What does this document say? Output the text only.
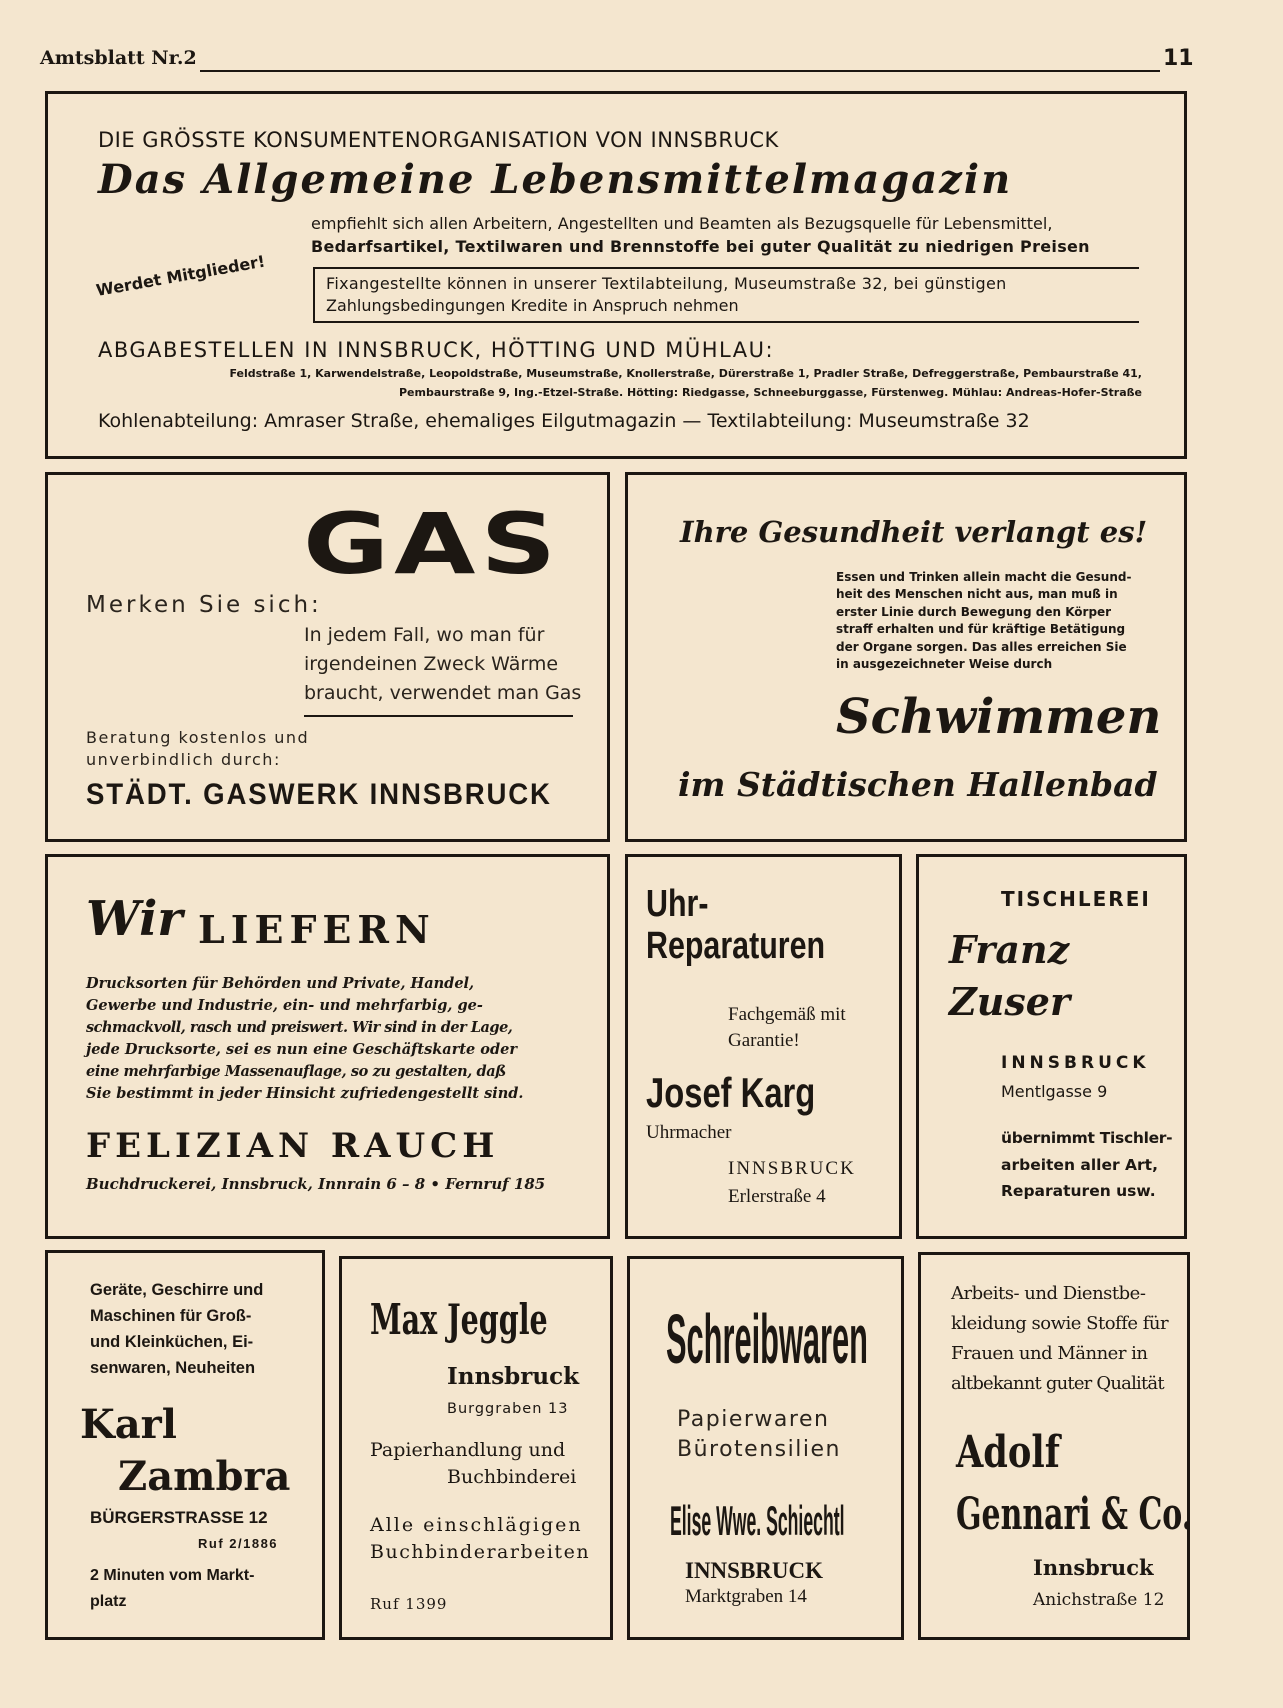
Amtsblatt Nr.2	11
DIE GRÖSSTE KONSUMENTENORGANISATION VON INNSBRUCK
Das Allgemeine Lebensmittelmagazin
empfiehlt sich allen Arbeitern, Angestellten und Beamten als Bezugsquelle für Lebensmittel,
Bedarfsartikel, Textilwaren und Brennstoffe bei guter Qualität zu niedrigen Preisen
Werdet Mitglieder!	Fixangestellte können in unserer Textilabteilung, Museumstraße 32, bei günstigen
Zahlungsbedingungen Kredite in Anspruch nehmen
ABGABESTELLEN IN INNSBRUCK, HÖTTING UND MÜHLAU:
Feldstraße 1, Karwendelstraße, Leopoldstraße, Museumstraße, Knollerstraße, Dürerstraße 1, Pradler Straße, Defreggerstraße, Pembaurstraße 41,
Pembaurstraße 9, Ing.-Etzel-Straße. Hötting: Riedgasse, Schneeburggasse, Fürstenweg. Mühlau: Andreas-Hofer-Straße
Kohlenabteilung: Amraser Straße, ehemaliges Eilgutmagazin — Textilabteilung: Museumstraße 32
GAS
Merken Sie sich:
In jedem Fall, wo man für
irgendeinen Zweck Wärme
braucht, verwendet man Gas
Beratung kostenlos und
unverbindlich durch:
STÄDT. GASWERK INNSBRUCK
Ihre Gesundheit verlangt es!
Essen und Trinken allein macht die Gesund-
heit des Menschen nicht aus, man muß in
erster Linie durch Bewegung den Körper
straff erhalten und für kräftige Betätigung
der Organe sorgen. Das alles erreichen Sie
in ausgezeichneter Weise durch
Schwimmen
im Städtischen Hallenbad
Wir LIEFERN
Drucksorten für Behörden und Private, Handel,
Gewerbe und Industrie, ein- und mehrfarbig, ge-
schmackvoll, rasch und preiswert. Wir sind in der Lage,
jede Drucksorte, sei es nun eine Geschäftskarte oder
eine mehrfarbige Massenauflage, so zu gestalten, daß
Sie bestimmt in jeder Hinsicht zufriedengestellt sind.
FELIZIAN RAUCH
Buchdruckerei, Innsbruck, Innrain 6 – 8 • Fernruf 185
Uhr-
Reparaturen
Fachgemäß mit
Garantie!
Josef Karg
Uhrmacher
INNSBRUCK
Erlerstraße 4
TISCHLEREI
Franz
Zuser
INNSBRUCK
Mentlgasse 9
übernimmt Tischler-
arbeiten aller Art,
Reparaturen usw.
Geräte, Geschirre und
Maschinen für Groß-
und Kleinküchen, Ei-
senwaren, Neuheiten
Karl
Zambra
BÜRGERSTRASSE 12
Ruf 2/1886
2 Minuten vom Markt-
platz
Max Jeggle
Innsbruck
Burggraben 13
Papierhandlung und
Buchbinderei
Alle einschlägigen
Buchbinderarbeiten
Ruf 1399
Schreibwaren
Papierwaren
Bürotensilien
Elise Wwe. Schiechtl
INNSBRUCK
Marktgraben 14
Arbeits- und Dienstbe-
kleidung sowie Stoffe für
Frauen und Männer in
altbekannt guter Qualität
Adolf
Gennari & Co.
Innsbruck
Anichstraße 12
